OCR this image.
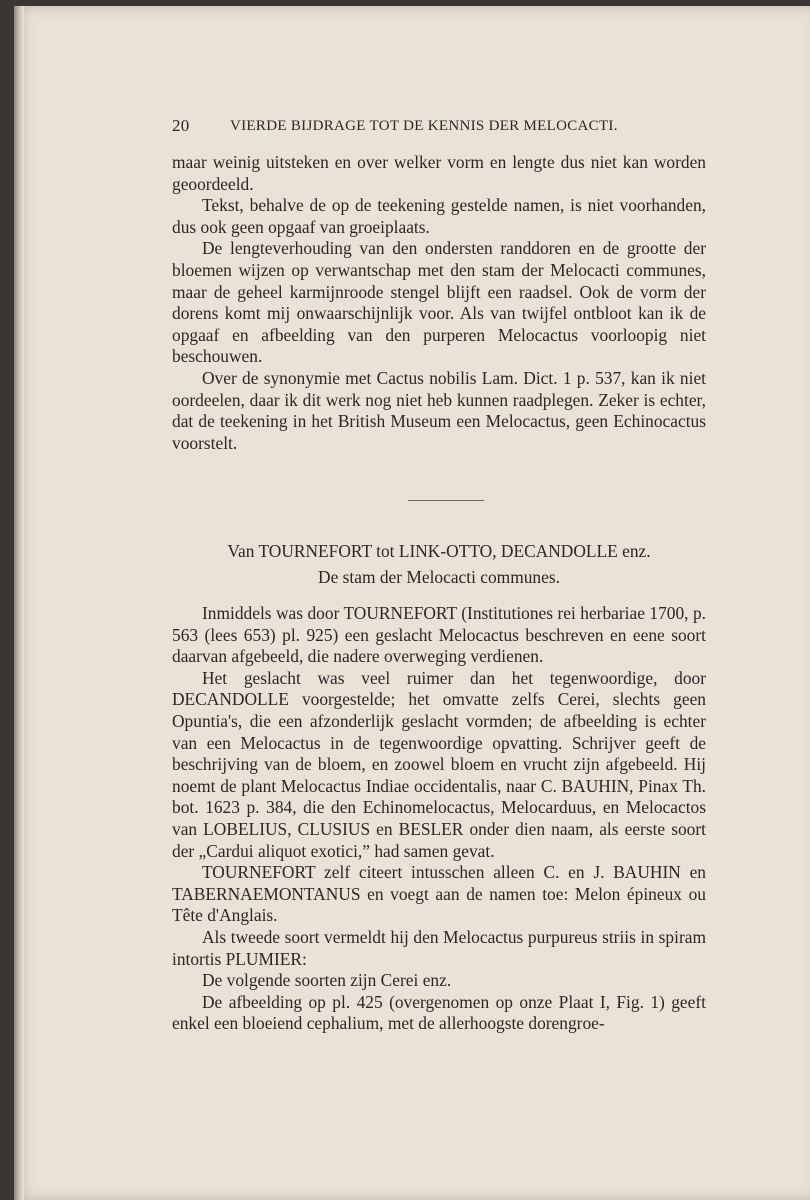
20	VIERDE BIJDRAGE TOT DE KENNIS DER MELOCACTI.

maar weinig uitsteken en over welker vorm en lengte dus niet kan worden geoordeeld.

Tekst, behalve de op de teekening gestelde namen, is niet voorhanden, dus ook geen opgaaf van groeiplaats.

De lengteverhouding van den ondersten randdoren en de grootte der bloemen wijzen op verwantschap met den stam der Melocacti communes, maar de geheel karmijnroode stengel blijft een raadsel. Ook de vorm der dorens komt mij onwaarschijnlijk voor. Als van twijfel ontbloot kan ik de opgaaf en afbeelding van den purperen Melocactus voorloopig niet beschouwen.

Over de synonymie met Cactus nobilis Lam. Dict. 1 p. 537, kan ik niet oordeelen, daar ik dit werk nog niet heb kunnen raadplegen. Zeker is echter, dat de teekening in het British Museum een Melocactus, geen Echinocactus voorstelt.

Van TOURNEFORT tot LINK-OTTO, DECANDOLLE enz.
De stam der Melocacti communes.

Inmiddels was door TOURNEFORT (Institutiones rei herbariae 1700, p. 563 (lees 653) pl. 925) een geslacht Melocactus beschreven en eene soort daarvan afgebeeld, die nadere overweging verdienen.

Het geslacht was veel ruimer dan het tegenwoordige, door DECANDOLLE voorgestelde; het omvatte zelfs Cerei, slechts geen Opuntia's, die een afzonderlijk geslacht vormden; de afbeelding is echter van een Melocactus in de tegenwoordige opvatting. Schrijver geeft de beschrijving van de bloem, en zoowel bloem en vrucht zijn afgebeeld. Hij noemt de plant Melocactus Indiae occidentalis, naar C. BAUHIN, Pinax Th. bot. 1623 p. 384, die den Echinomelocactus, Melocarduus, en Melocactos van LOBELIUS, CLUSIUS en BESLER onder dien naam, als eerste soort der „Cardui aliquot exotici,” had samen gevat.

TOURNEFORT zelf citeert intusschen alleen C. en J. BAUHIN en TABERNAEMONTANUS en voegt aan de namen toe: Melon épineux ou Tête d'Anglais.

Als tweede soort vermeldt hij den Melocactus purpureus striis in spiram intortis PLUMIER:

De volgende soorten zijn Cerei enz.

De afbeelding op pl. 425 (overgenomen op onze Plaat I, Fig. 1) geeft enkel een bloeiend cephalium, met de allerhoogste dorengroe-
